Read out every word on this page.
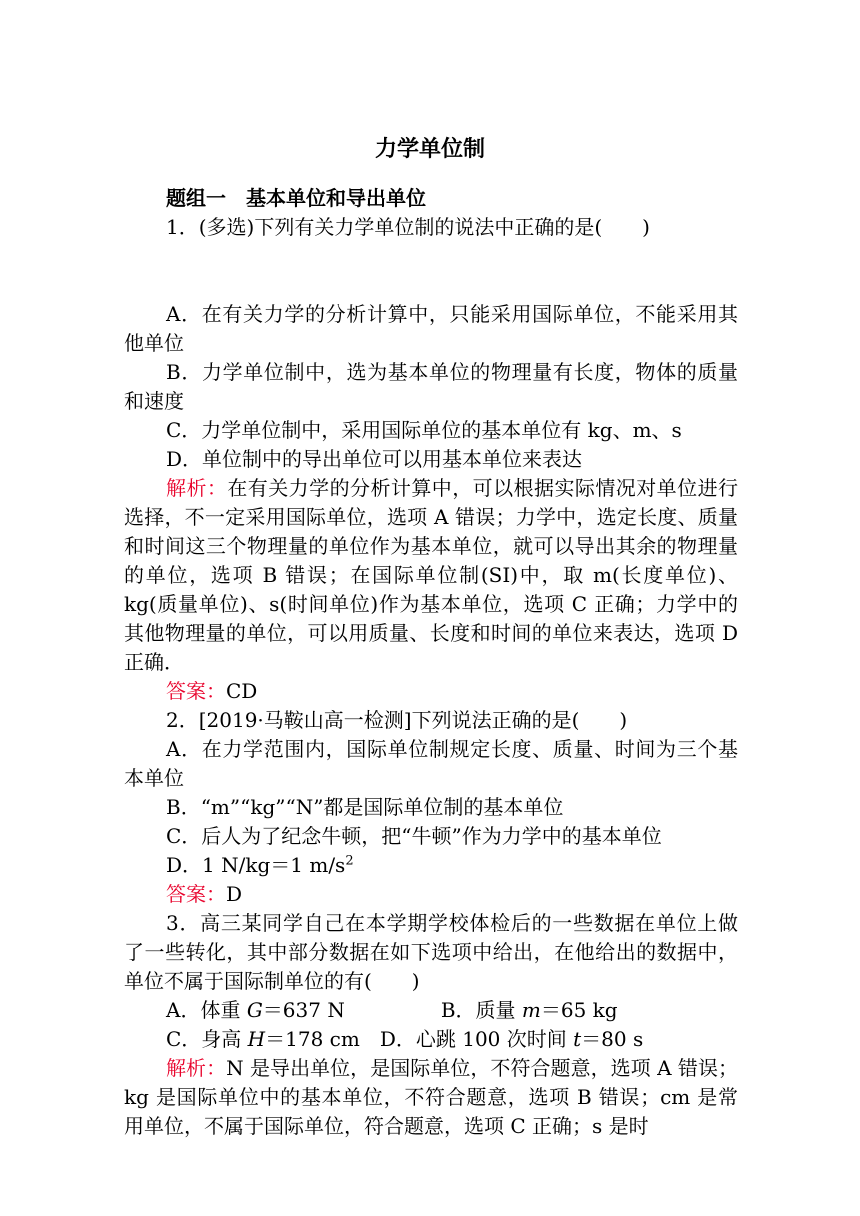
力学单位制

题组一　基本单位和导出单位

1．(多选)下列有关力学单位制的说法中正确的是(　　)

A．在有关力学的分析计算中，只能采用国际单位，不能采用其他单位

B．力学单位制中，选为基本单位的物理量有长度，物体的质量和速度

C．力学单位制中，采用国际单位的基本单位有 kg、m、s

D．单位制中的导出单位可以用基本单位来表达

解析：在有关力学的分析计算中，可以根据实际情况对单位进行选择，不一定采用国际单位，选项 A 错误；力学中，选定长度、质量和时间这三个物理量的单位作为基本单位，就可以导出其余的物理量的单位，选项 B 错误；在国际单位制(SI)中，取 m(长度单位)、kg(质量单位)、s(时间单位)作为基本单位，选项 C 正确；力学中的其他物理量的单位，可以用质量、长度和时间的单位来表达，选项 D 正确．

答案：CD

2．[2019·马鞍山高一检测]下列说法正确的是(　　)

A．在力学范围内，国际单位制规定长度、质量、时间为三个基本单位

B．“m”“kg”“N”都是国际单位制的基本单位

C．后人为了纪念牛顿，把“牛顿”作为力学中的基本单位

D．1 N/kg＝1 $m/s^2$

答案：D

3．高三某同学自己在本学期学校体检后的一些数据在单位上做了一些转化，其中部分数据在如下选项中给出，在他给出的数据中，单位不属于国际制单位的有(　　)

A．体重 G＝637 N	B．质量 m＝65 kg

C．身高 H＝178 cm D．心跳 100 次时间 t＝80 s

解析：N 是导出单位，是国际单位，不符合题意，选项 A 错误；kg 是国际单位中的基本单位，不符合题意，选项 B 错误；cm 是常用单位，不属于国际单位，符合题意，选项 C 正确；s 是时
